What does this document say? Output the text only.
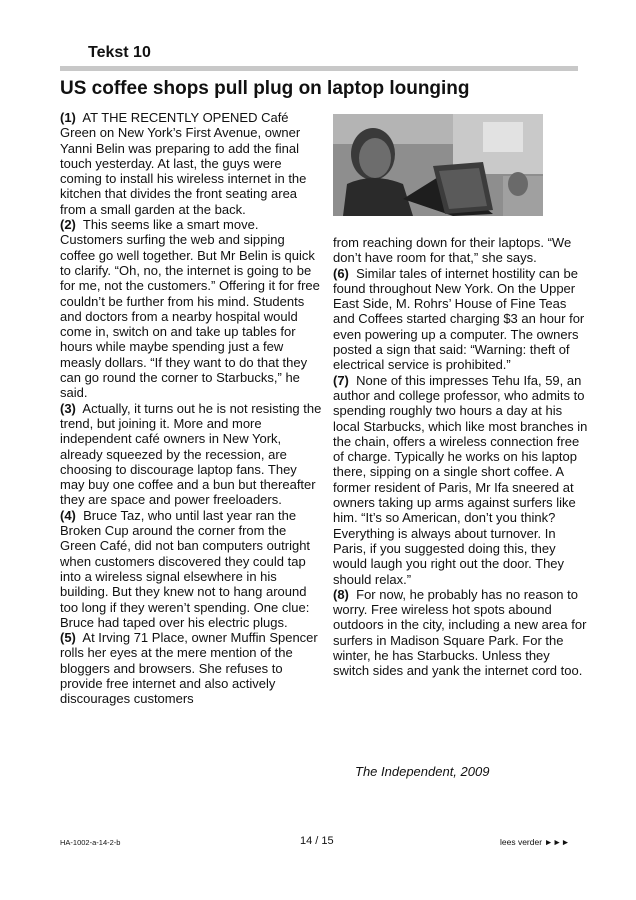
Tekst 10
US coffee shops pull plug on laptop lounging

(1) AT THE RECENTLY OPENED Café Green on New York’s First Avenue, owner Yanni Belin was preparing to add the final touch yesterday. At last, the guys were coming to install his wireless internet in the kitchen that divides the front seating area from a small garden at the back.

(2) This seems like a smart move. Customers surfing the web and sipping coffee go well together. But Mr Belin is quick to clarify. “Oh, no, the internet is going to be for me, not the customers.” Offering it for free couldn’t be further from his mind. Students and doctors from a nearby hospital would come in, switch on and take up tables for hours while maybe spending just a few measly dollars. “If they want to do that they can go round the corner to Starbucks,” he said.

(3) Actually, it turns out he is not resisting the trend, but joining it. More and more independent café owners in New York, already squeezed by the recession, are choosing to discourage laptop fans. They may buy one coffee and a bun but thereafter they are space and power freeloaders.

(4) Bruce Taz, who until last year ran the Broken Cup around the corner from the Green Café, did not ban computers outright when customers discovered they could tap into a wireless signal elsewhere in his building. But they knew not to hang around too long if they weren’t spending. One clue: Bruce had taped over his electric plugs.

(5) At Irving 71 Place, owner Muffin Spencer rolls her eyes at the mere mention of the bloggers and browsers. She refuses to provide free internet and also actively discourages customers

from reaching down for their laptops. “We don’t have room for that,” she says.

(6) Similar tales of internet hostility can be found throughout New York. On the Upper East Side, M. Rohrs’ House of Fine Teas and Coffees started charging $3 an hour for even powering up a computer. The owners posted a sign that said: “Warning: theft of electrical service is prohibited.”

(7) None of this impresses Tehu Ifa, 59, an author and college professor, who admits to spending roughly two hours a day at his local Starbucks, which like most branches in the chain, offers a wireless connection free of charge. Typically he works on his laptop there, sipping on a single short coffee. A former resident of Paris, Mr Ifa sneered at owners taking up arms against surfers like him. “It’s so American, don’t you think? Everything is always about turnover. In Paris, if you suggested doing this, they would laugh you right out the door. They should relax.”

(8) For now, he probably has no reason to worry. Free wireless hot spots abound outdoors in the city, including a new area for surfers in Madison Square Park. For the winter, he has Starbucks. Unless they switch sides and yank the internet cord too.

The Independent, 2009
HA-1002-a-14-2-b	14 / 15	lees verder ►►►
